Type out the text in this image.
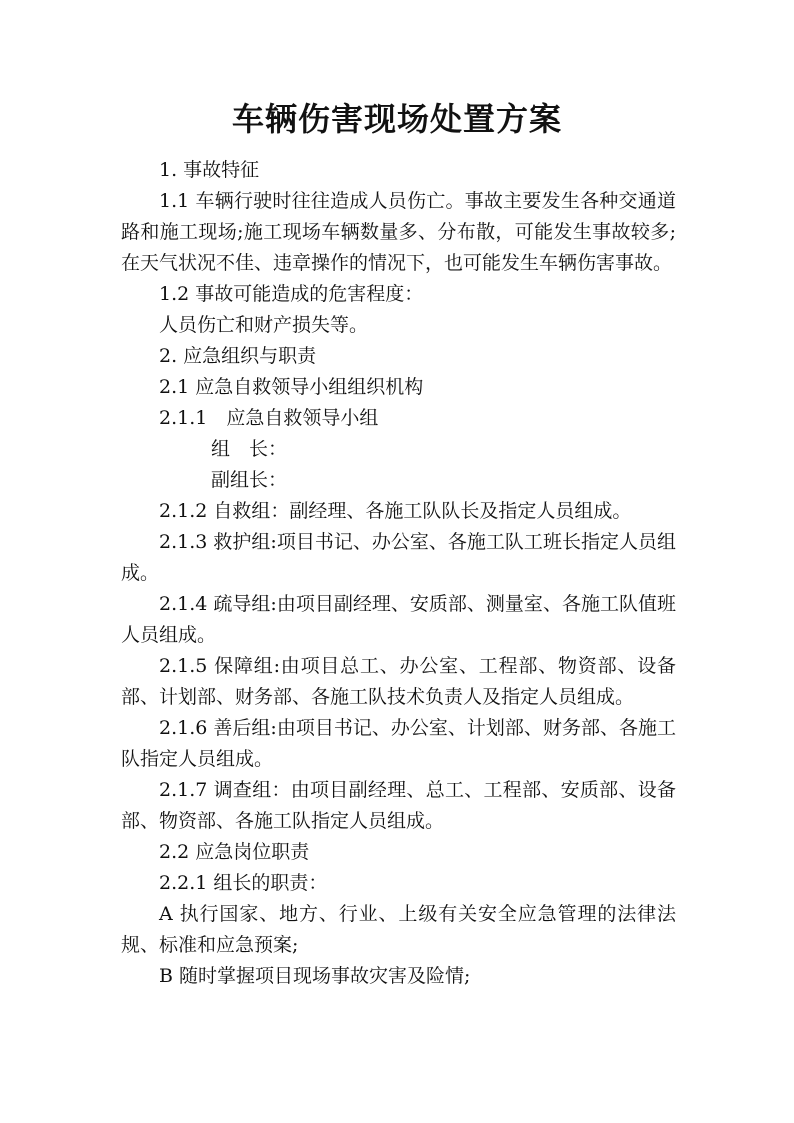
车辆伤害现场处置方案

1. 事故特征

1.1 车辆行驶时往往造成人员伤亡。事故主要发生各种交通道路和施工现场;施工现场车辆数量多、分布散，可能发生事故较多;在天气状况不佳、违章操作的情况下，也可能发生车辆伤害事故。

1.2 事故可能造成的危害程度：

人员伤亡和财产损失等。

2. 应急组织与职责

2.1 应急自救领导小组组织机构

2.1.1　应急自救领导小组

组　长：

副组长：

2.1.2 自救组：副经理、各施工队队长及指定人员组成。

2.1.3 救护组:项目书记、办公室、各施工队工班长指定人员组成。

2.1.4 疏导组:由项目副经理、安质部、测量室、各施工队值班人员组成。

2.1.5 保障组:由项目总工、办公室、工程部、物资部、设备部、计划部、财务部、各施工队技术负责人及指定人员组成。

2.1.6 善后组:由项目书记、办公室、计划部、财务部、各施工队指定人员组成。

2.1.7 调查组：由项目副经理、总工、工程部、安质部、设备部、物资部、各施工队指定人员组成。

2.2 应急岗位职责

2.2.1 组长的职责：

A 执行国家、地方、行业、上级有关安全应急管理的法律法规、标准和应急预案;

B 随时掌握项目现场事故灾害及险情;
